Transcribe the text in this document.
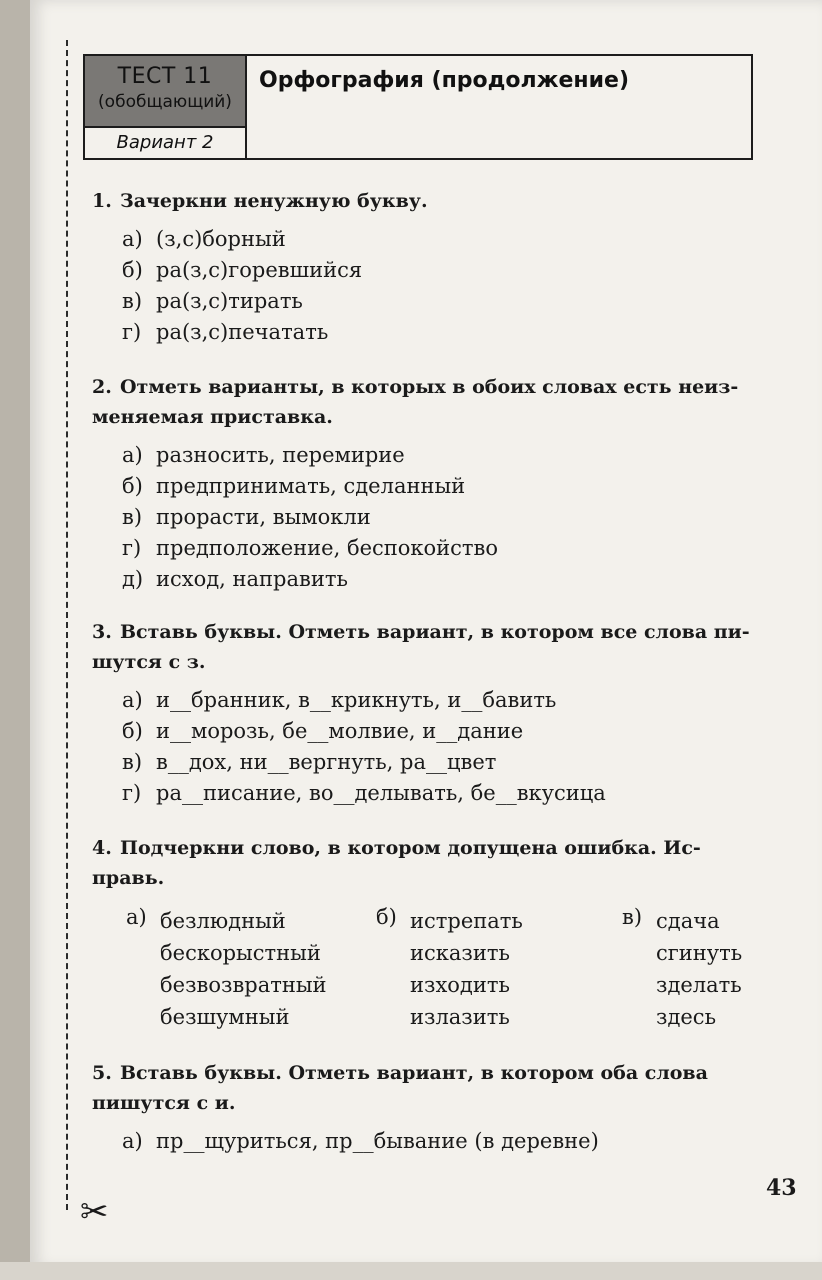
✂
ТЕСТ 11
(обобщающий)
Вариант 2
Орфография (продолжение)

1. Зачеркни ненужную букву.

а) (з,с)борный
б) ра(з,с)горевшийся
в) ра(з,с)тирать
г) ра(з,с)печатать

2. Отметь варианты, в которых в обоих словах есть неиз-
меняемая приставка.

а) разносить, перемирие
б) предпринимать, сделанный
в) прорасти, вымокли
г) предположение, беспокойство
д) исход, направить

3. Вставь буквы. Отметь вариант, в котором все слова пи-
шутся с з.

а) и__бранник, в__крикнуть, и__бавить
б) и__морозь, бе__молвие, и__дание
в) в__дох, ни__вергнуть, ра__цвет
г) ра__писание, во__делывать, бе__вкусица

4. Подчеркни слово, в котором допущена ошибка. Ис-
правь.

а) безлюдный
бескорыстный
безвозвратный
безшумный
б) истрепать
исказить
изходить
излазить
в) сдача
сгинуть
зделать
здесь

5. Вставь буквы. Отметь вариант, в котором оба слова
пишутся с и.

а) пр__щуриться, пр__бывание (в деревне)
43
